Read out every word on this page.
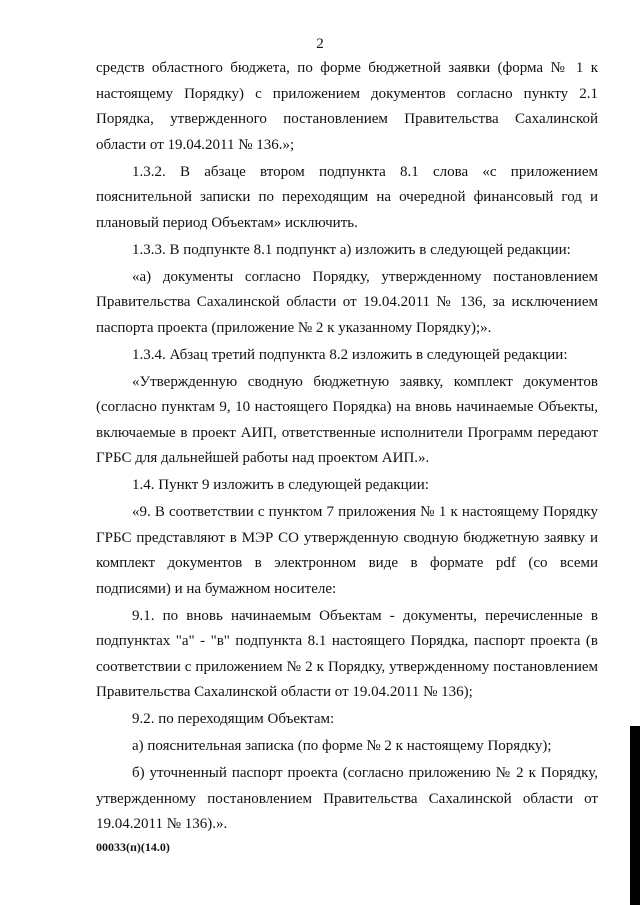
2

средств областного бюджета, по форме бюджетной заявки (форма № 1 к настоящему Порядку) с приложением документов согласно пункту 2.1 Порядка, утвержденного постановлением Правительства Сахалинской области от 19.04.2011 № 136.»;

1.3.2. В абзаце втором подпункта 8.1 слова «с приложением пояснительной записки по переходящим на очередной финансовый год и плановый период Объектам» исключить.

1.3.3. В подпункте 8.1 подпункт а) изложить в следующей редакции:

«а) документы согласно Порядку, утвержденному постановлением Правительства Сахалинской области от 19.04.2011 № 136, за исключением паспорта проекта (приложение № 2 к указанному Порядку);».

1.3.4. Абзац третий подпункта 8.2 изложить в следующей редакции:

«Утвержденную сводную бюджетную заявку, комплект документов (согласно пунктам 9, 10 настоящего Порядка) на вновь начинаемые Объекты, включаемые в проект АИП, ответственные исполнители Программ передают ГРБС для дальнейшей работы над проектом АИП.».

1.4. Пункт 9 изложить в следующей редакции:

«9. В соответствии с пунктом 7 приложения № 1 к настоящему Порядку ГРБС представляют в МЭР СО утвержденную сводную бюджетную заявку и комплект документов в электронном виде в формате pdf (со всеми подписями) и на бумажном носителе:

9.1. по вновь начинаемым Объектам - документы, перечисленные в подпунктах "а" - "в" подпункта 8.1 настоящего Порядка, паспорт проекта (в соответствии с приложением № 2 к Порядку, утвержденному постановлением Правительства Сахалинской области от 19.04.2011 № 136);

9.2. по переходящим Объектам:

а) пояснительная записка (по форме № 2 к настоящему Порядку);

б) уточненный паспорт проекта (согласно приложению № 2 к Порядку, утвержденному постановлением Правительства Сахалинской области от 19.04.2011 № 136).».

00033(п)(14.0)
